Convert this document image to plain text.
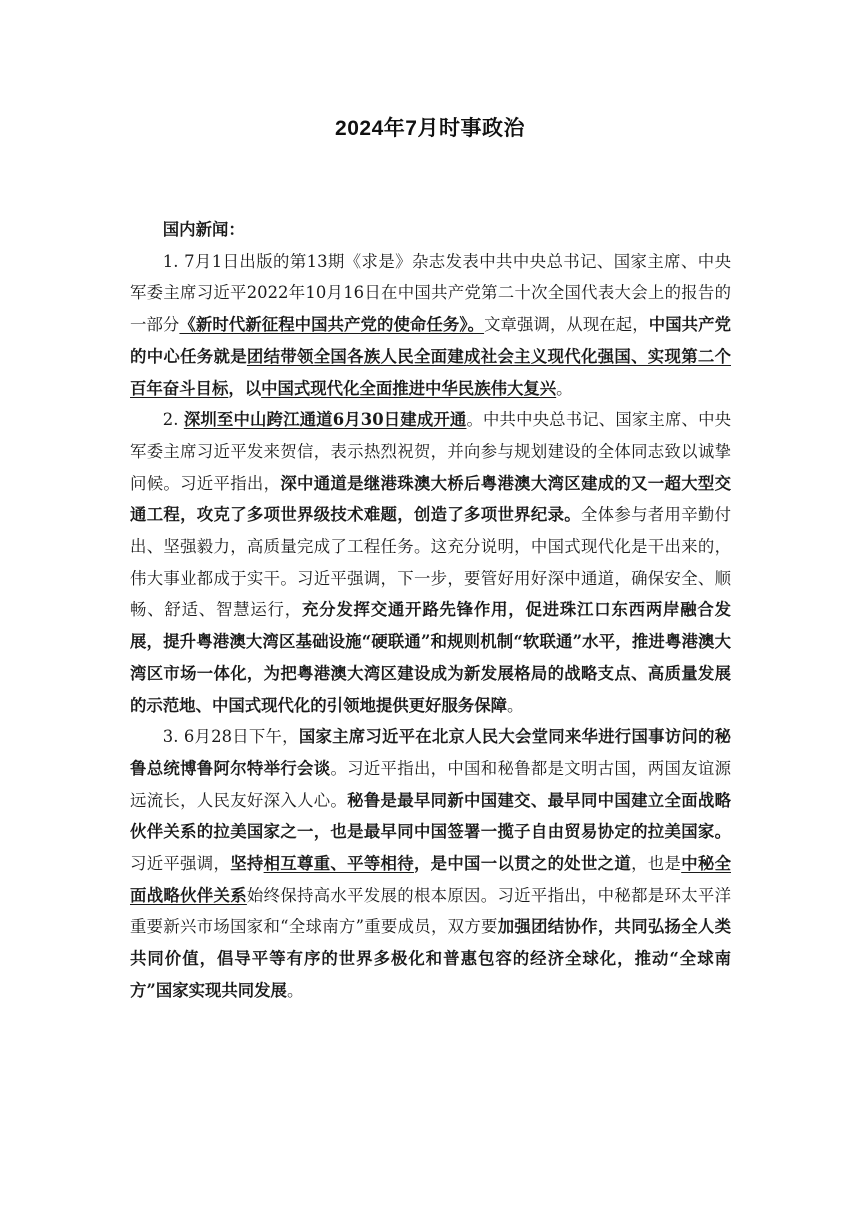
2024年7月时事政治

国内新闻：

1. 7月1日出版的第13期《求是》杂志发表中共中央总书记、国家主席、中央军委主席习近平2022年10月16日在中国共产党第二十次全国代表大会上的报告的一部分《新时代新征程中国共产党的使命任务》。文章强调，从现在起，中国共产党的中心任务就是团结带领全国各族人民全面建成社会主义现代化强国、实现第二个百年奋斗目标，以中国式现代化全面推进中华民族伟大复兴。

2. 深圳至中山跨江通道6月30日建成开通。中共中央总书记、国家主席、中央军委主席习近平发来贺信，表示热烈祝贺，并向参与规划建设的全体同志致以诚挚问候。习近平指出，深中通道是继港珠澳大桥后粤港澳大湾区建成的又一超大型交通工程，攻克了多项世界级技术难题，创造了多项世界纪录。全体参与者用辛勤付出、坚强毅力，高质量完成了工程任务。这充分说明，中国式现代化是干出来的，伟大事业都成于实干。习近平强调，下一步，要管好用好深中通道，确保安全、顺畅、舒适、智慧运行，充分发挥交通开路先锋作用，促进珠江口东西两岸融合发展，提升粤港澳大湾区基础设施“硬联通”和规则机制“软联通”水平，推进粤港澳大湾区市场一体化，为把粤港澳大湾区建设成为新发展格局的战略支点、高质量发展的示范地、中国式现代化的引领地提供更好服务保障。

3. 6月28日下午，国家主席习近平在北京人民大会堂同来华进行国事访问的秘鲁总统博鲁阿尔特举行会谈。习近平指出，中国和秘鲁都是文明古国，两国友谊源远流长，人民友好深入人心。秘鲁是最早同新中国建交、最早同中国建立全面战略伙伴关系的拉美国家之一，也是最早同中国签署一揽子自由贸易协定的拉美国家。习近平强调，坚持相互尊重、平等相待，是中国一以贯之的处世之道，也是中秘全面战略伙伴关系始终保持高水平发展的根本原因。习近平指出，中秘都是环太平洋重要新兴市场国家和“全球南方”重要成员，双方要加强团结协作，共同弘扬全人类共同价值，倡导平等有序的世界多极化和普惠包容的经济全球化，推动“全球南方”国家实现共同发展。
